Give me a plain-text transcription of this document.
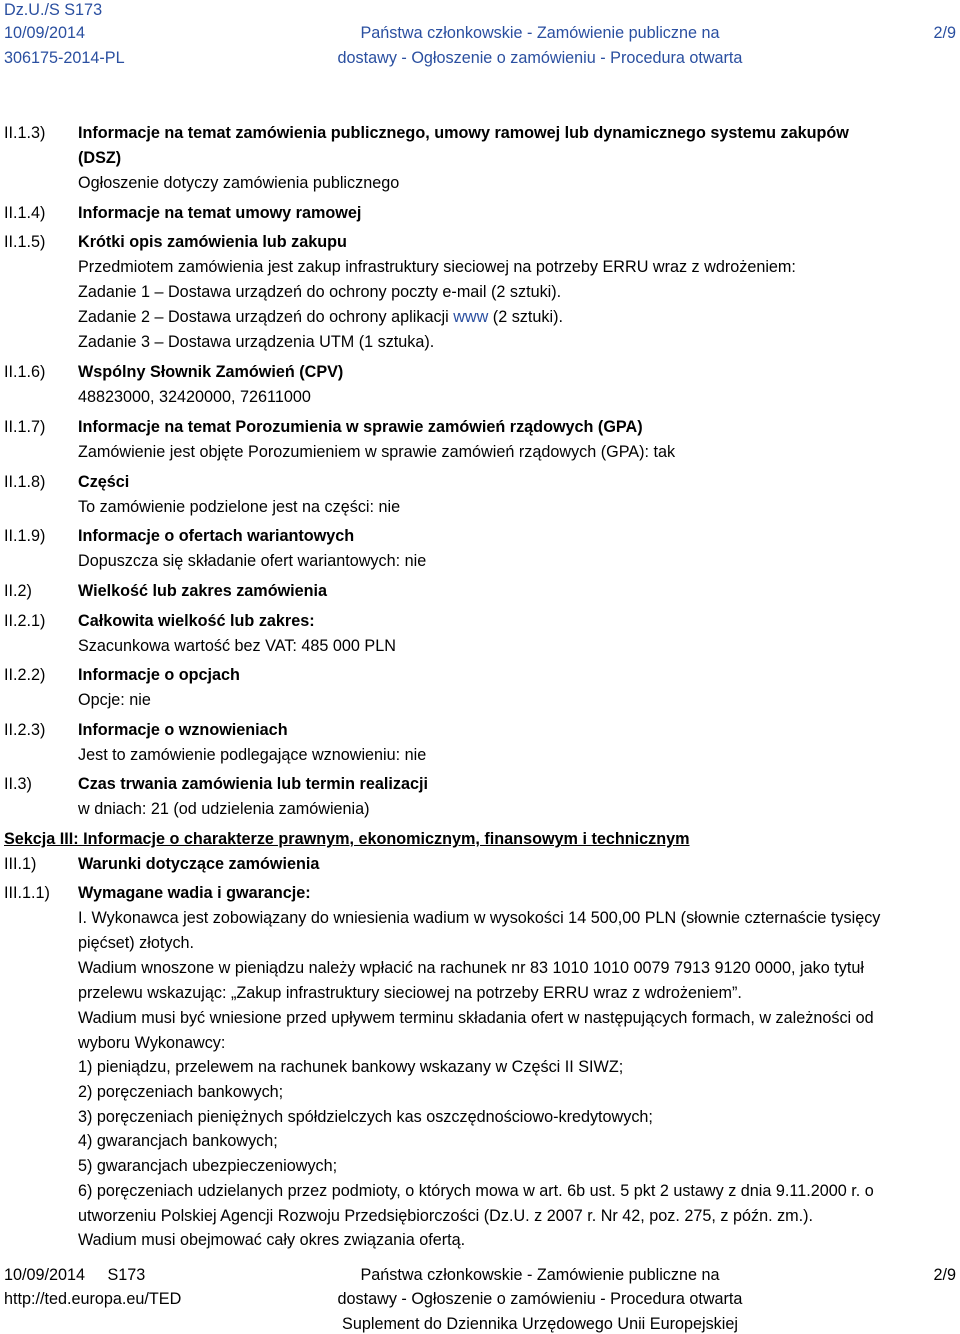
Dz.U./S S173
10/09/2014
306175-2014-PL
Państwa członkowskie - Zamówienie publiczne na
dostawy - Ogłoszenie o zamówieniu - Procedura otwarta
2/9
II.1.3) Informacje na temat zamówienia publicznego, umowy ramowej lub dynamicznego systemu zakupów
(DSZ)
Ogłoszenie dotyczy zamówienia publicznego
II.1.4) Informacje na temat umowy ramowej
II.1.5) Krótki opis zamówienia lub zakupu
Przedmiotem zamówienia jest zakup infrastruktury sieciowej na potrzeby ERRU wraz z wdrożeniem:
Zadanie 1 – Dostawa urządzeń do ochrony poczty e-mail (2 sztuki).
Zadanie 2 – Dostawa urządzeń do ochrony aplikacji www (2 sztuki).
Zadanie 3 – Dostawa urządzenia UTM (1 sztuka).
II.1.6) Wspólny Słownik Zamówień (CPV)
48823000, 32420000, 72611000
II.1.7) Informacje na temat Porozumienia w sprawie zamówień rządowych (GPA)
Zamówienie jest objęte Porozumieniem w sprawie zamówień rządowych (GPA): tak
II.1.8) Części
To zamówienie podzielone jest na części: nie
II.1.9) Informacje o ofertach wariantowych
Dopuszcza się składanie ofert wariantowych: nie
II.2)	Wielkość lub zakres zamówienia
II.2.1) Całkowita wielkość lub zakres:
Szacunkowa wartość bez VAT: 485 000 PLN
II.2.2) Informacje o opcjach
Opcje: nie
II.2.3) Informacje o wznowieniach
Jest to zamówienie podlegające wznowieniu: nie
II.3)	Czas trwania zamówienia lub termin realizacji
w dniach: 21 (od udzielenia zamówienia)
Sekcja III: Informacje o charakterze prawnym, ekonomicznym, finansowym i technicznym
III.1)	Warunki dotyczące zamówienia
III.1.1) Wymagane wadia i gwarancje:
I. Wykonawca jest zobowiązany do wniesienia wadium w wysokości 14 500,00 PLN (słownie czternaście tysięcy
pięćset) złotych.
Wadium wnoszone w pieniądzu należy wpłacić na rachunek nr 83 1010 1010 0079 7913 9120 0000, jako tytuł
przelewu wskazując: „Zakup infrastruktury sieciowej na potrzeby ERRU wraz z wdrożeniem”.
Wadium musi być wniesione przed upływem terminu składania ofert w następujących formach, w zależności od
wyboru Wykonawcy:
1) pieniądzu, przelewem na rachunek bankowy wskazany w Części II SIWZ;
2) poręczeniach bankowych;
3) poręczeniach pieniężnych spółdzielczych kas oszczędnościowo-kredytowych;
4) gwarancjach bankowych;
5) gwarancjach ubezpieczeniowych;
6) poręczeniach udzielanych przez podmioty, o których mowa w art. 6b ust. 5 pkt 2 ustawy z dnia 9.11.2000 r. o
utworzeniu Polskiej Agencji Rozwoju Przedsiębiorczości (Dz.U. z 2007 r. Nr 42, poz. 275, z późn. zm.).
Wadium musi obejmować cały okres związania ofertą.
10/09/2014     S173
http://ted.europa.eu/TED
Państwa członkowskie - Zamówienie publiczne na
dostawy - Ogłoszenie o zamówieniu - Procedura otwarta
Suplement do Dziennika Urzędowego Unii Europejskiej
2/9
